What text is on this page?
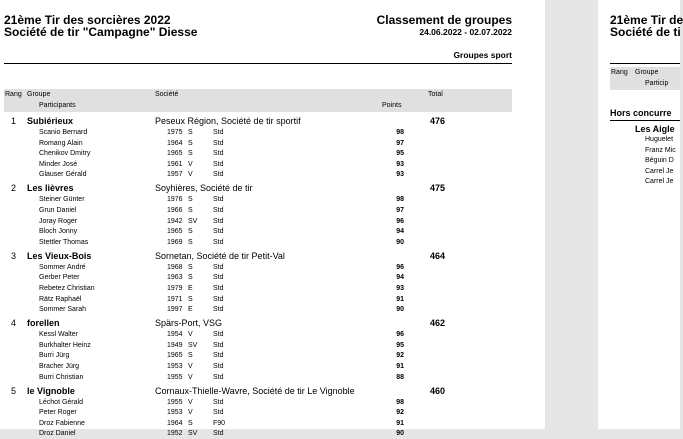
21ème Tir des sorcières 2022
Société de tir "Campagne" Diesse
Classement de groupes
24.06.2022 - 02.07.2022
Groupes sport
Rang Groupe
Participants
Société
Points
Total
1 Subiérieux	Peseux Région, Société de tir sportif	476
Scanio Bernard	1975 S	Std	98
Romang Alain	1964 S	Std	97
Chenikov Dmitry	1965 S	Std	95
Minder José	1961 V	Std	93
Glauser Gérald	1957 V	Std	93
2 Les lièvres	Soyhières, Société de tir	475
Steiner Günter	1976 S	Std	98
Grun Daniel	1966 S	Std	97
Joray Roger	1942 SV Std	96
Bloch Jonny	1965 S	Std	94
Stettler Thomas	1969 S	Std	90
3 Les Vieux-Bois	Sornetan, Société de tir Petit-Val	464
Sommer André	1968 S	Std	96
Gerber Peter	1963 S	Std	94
Rebetez Christian	1979 E	Std	93
Rätz Raphaël	1971 S	Std	91
Sommer Sarah	1997 E	Std	90
4 forellen	Spärs-Port, VSG	462
Kessl Walter	1954 V	Std	96
Burkhalter Heinz	1949 SV Std	95
Burri Jürg	1965 S	Std	92
Bracher Jürg	1953 V	Std	91
Burri Christian	1955 V	Std	88
5 le Vignoble	Cornaux-Thielle-Wavre, Société de tir Le Vignoble	460
Léchot Gérald	1955 V	Std	98
Peter Roger	1953 V	Std	92
Droz Fabienne	1964 S	F90	91
Droz Daniel	1952 SV Std	90
21ème Tir de
Société de ti
Rang Groupe
Particip
Hors concurre
Les Aigle
Huguelet
Franz Mic
Béguin D
Carrel Je
Carrel Je
